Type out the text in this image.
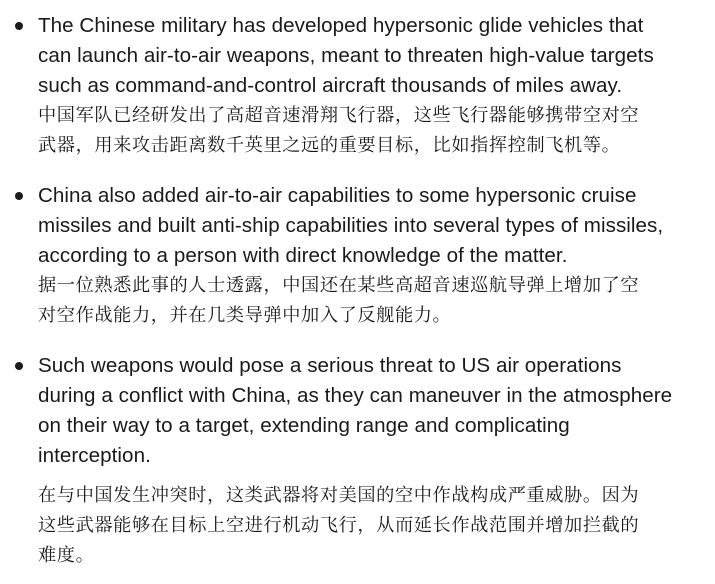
The Chinese military has developed hypersonic glide vehicles that
can launch air-to-air weapons, meant to threaten high-value targets
such as command-and-control aircraft thousands of miles away.

中国军队已经研发出了高超音速滑翔飞行器，这些飞行器能够携带空对空
武器，用来攻击距离数千英里之远的重要目标，比如指挥控制飞机等。

China also added air-to-air capabilities to some hypersonic cruise
missiles and built anti-ship capabilities into several types of missiles,
according to a person with direct knowledge of the matter.

据一位熟悉此事的人士透露，中国还在某些高超音速巡航导弹上增加了空
对空作战能力，并在几类导弹中加入了反舰能力。

Such weapons would pose a serious threat to US air operations
during a conflict with China, as they can maneuver in the atmosphere
on their way to a target, extending range and complicating
interception.

在与中国发生冲突时，这类武器将对美国的空中作战构成严重威胁。因为
这些武器能够在目标上空进行机动飞行，从而延长作战范围并增加拦截的
难度。
